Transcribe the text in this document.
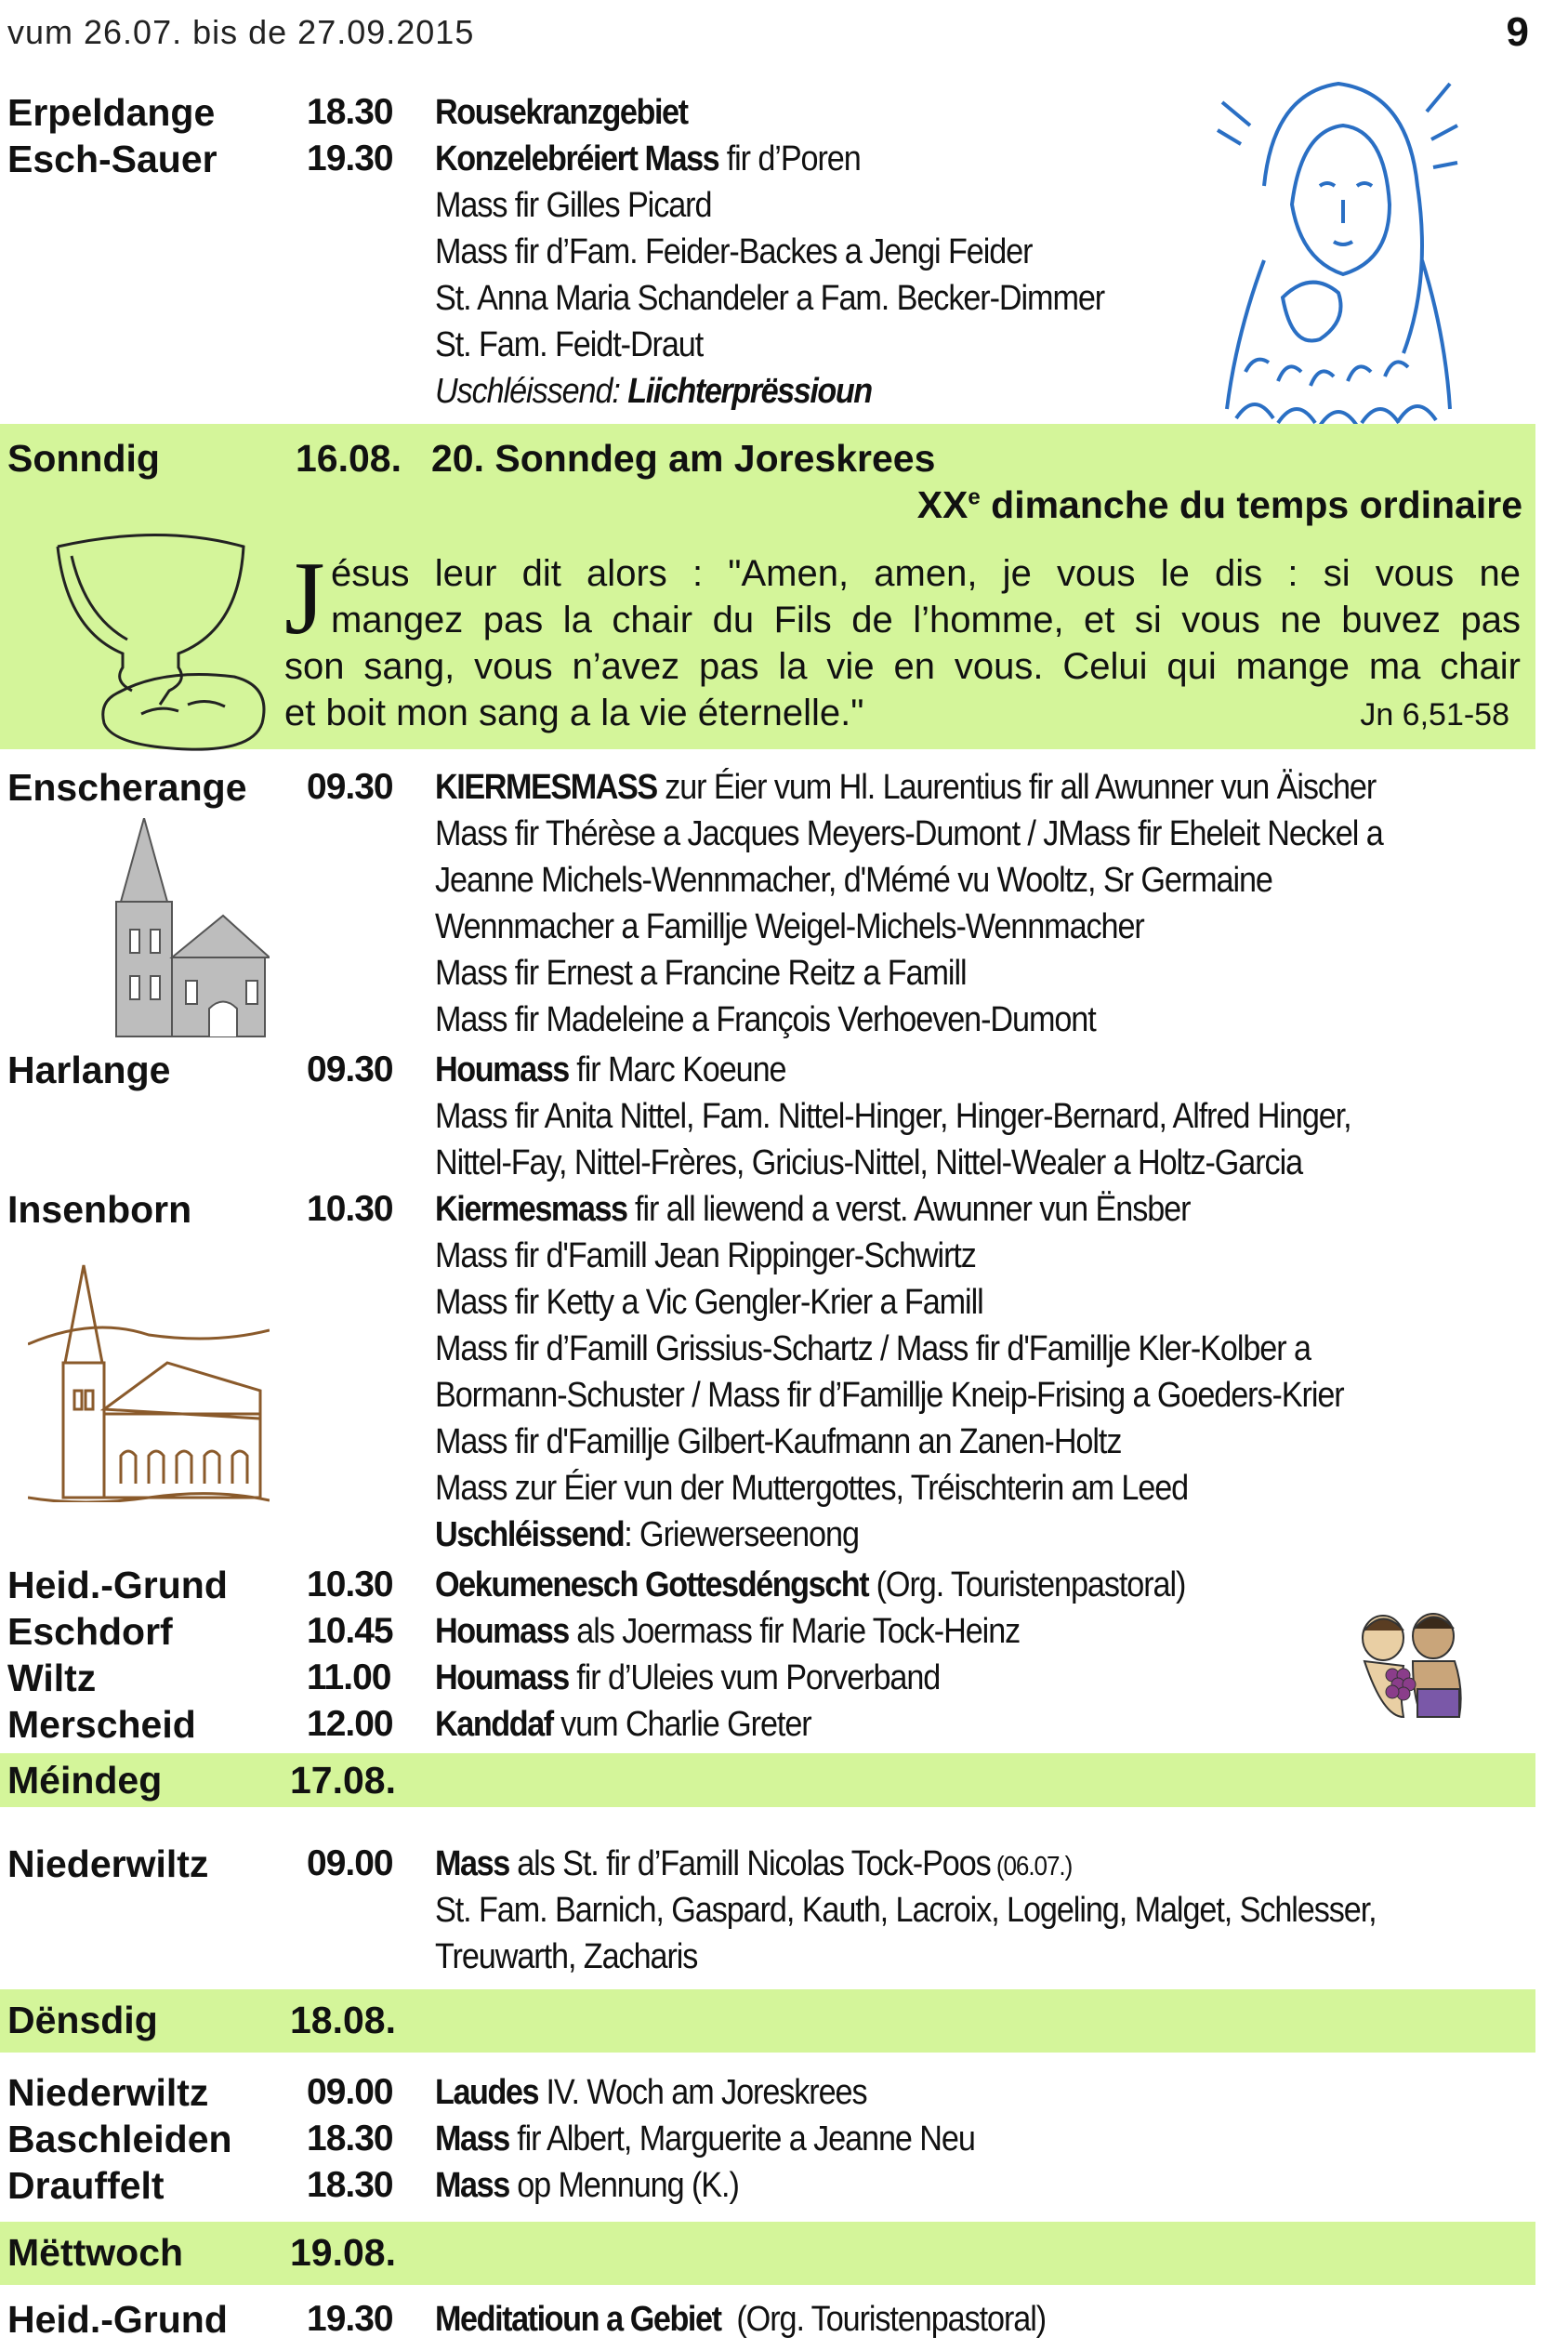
vum 26.07. bis de 27.09.2015	9
Erpeldange	18.30 Rousekranzgebiet
Esch-Sauer 19.30 Konzelebréiert Mass fir d’Poren
Mass fir Gilles Picard
Mass fir d’Fam. Feider-Backes a Jengi Feider
St. Anna Maria Schandeler a Fam. Becker-Dimmer
St. Fam. Feidt-Draut
Uschléissend: Liichterprëssioun
Sonndig	16.08. 20. Sonndeg am Joreskrees
XXe dimanche du temps ordinaire
J ésus leur dit alors : "Amen, amen, je vous le dis : si vous ne
mangez pas la chair du Fils de l’homme, et si vous ne buvez pas
son sang, vous n’avez pas la vie en vous. Celui qui mange ma chair
et boit mon sang a la vie éternelle."	Jn 6,51-58
Enscherange 09.30 KIERMESMASS zur Éier vum Hl. Laurentius fir all Awunner vun Äischer
Mass fir Thérèse a Jacques Meyers-Dumont / JMass fir Eheleit Neckel a
Jeanne Michels-Wennmacher, d'Mémé vu Wooltz, Sr Germaine
Wennmacher a Famillje Weigel-Michels-Wennmacher
Mass fir Ernest a Francine Reitz a Famill
Mass fir Madeleine a François Verhoeven-Dumont
Harlange	09.30 Houmass fir Marc Koeune
Mass fir Anita Nittel, Fam. Nittel-Hinger, Hinger-Bernard, Alfred Hinger,
Nittel-Fay, Nittel-Frères, Gricius-Nittel, Nittel-Wealer a Holtz-Garcia
Insenborn	10.30 Kiermesmass fir all liewend a verst. Awunner vun Ënsber
Mass fir d'Famill Jean Rippinger-Schwirtz
Mass fir Ketty a Vic Gengler-Krier a Famill
Mass fir d’Famill Grissius-Schartz / Mass fir d'Famillje Kler-Kolber a
Bormann-Schuster / Mass fir d’Famillje Kneip-Frising a Goeders-Krier
Mass fir d'Famillje Gilbert-Kaufmann an Zanen-Holtz
Mass zur Éier vun der Muttergottes, Tréischterin am Leed
Uschléissend: Griewerseenong
Heid.-Grund 10.30 Oekumenesch Gottesdéngscht (Org. Touristenpastoral)
Eschdorf	10.45 Houmass als Joermass fir Marie Tock-Heinz
Wiltz	11.00 Houmass fir d’Uleies vum Porverband
Merscheid	12.00 Kanddaf vum Charlie Greter
Méindeg	17.08.
Niederwiltz	09.00 Mass als St. fir d’Famill Nicolas Tock-Poos (06.07.)
St. Fam. Barnich, Gaspard, Kauth, Lacroix, Logeling, Malget, Schlesser,
Treuwarth, Zacharis
Dënsdig	18.08.
Niederwiltz	09.00 Laudes IV. Woch am Joreskrees
Baschleiden 18.30 Mass fir Albert, Marguerite a Jeanne Neu
Drauffelt	18.30 Mass op Mennung (K.)
Mëttwoch	19.08.
Heid.-Grund 19.30 Meditatioun a Gebiet  (Org. Touristenpastoral)
